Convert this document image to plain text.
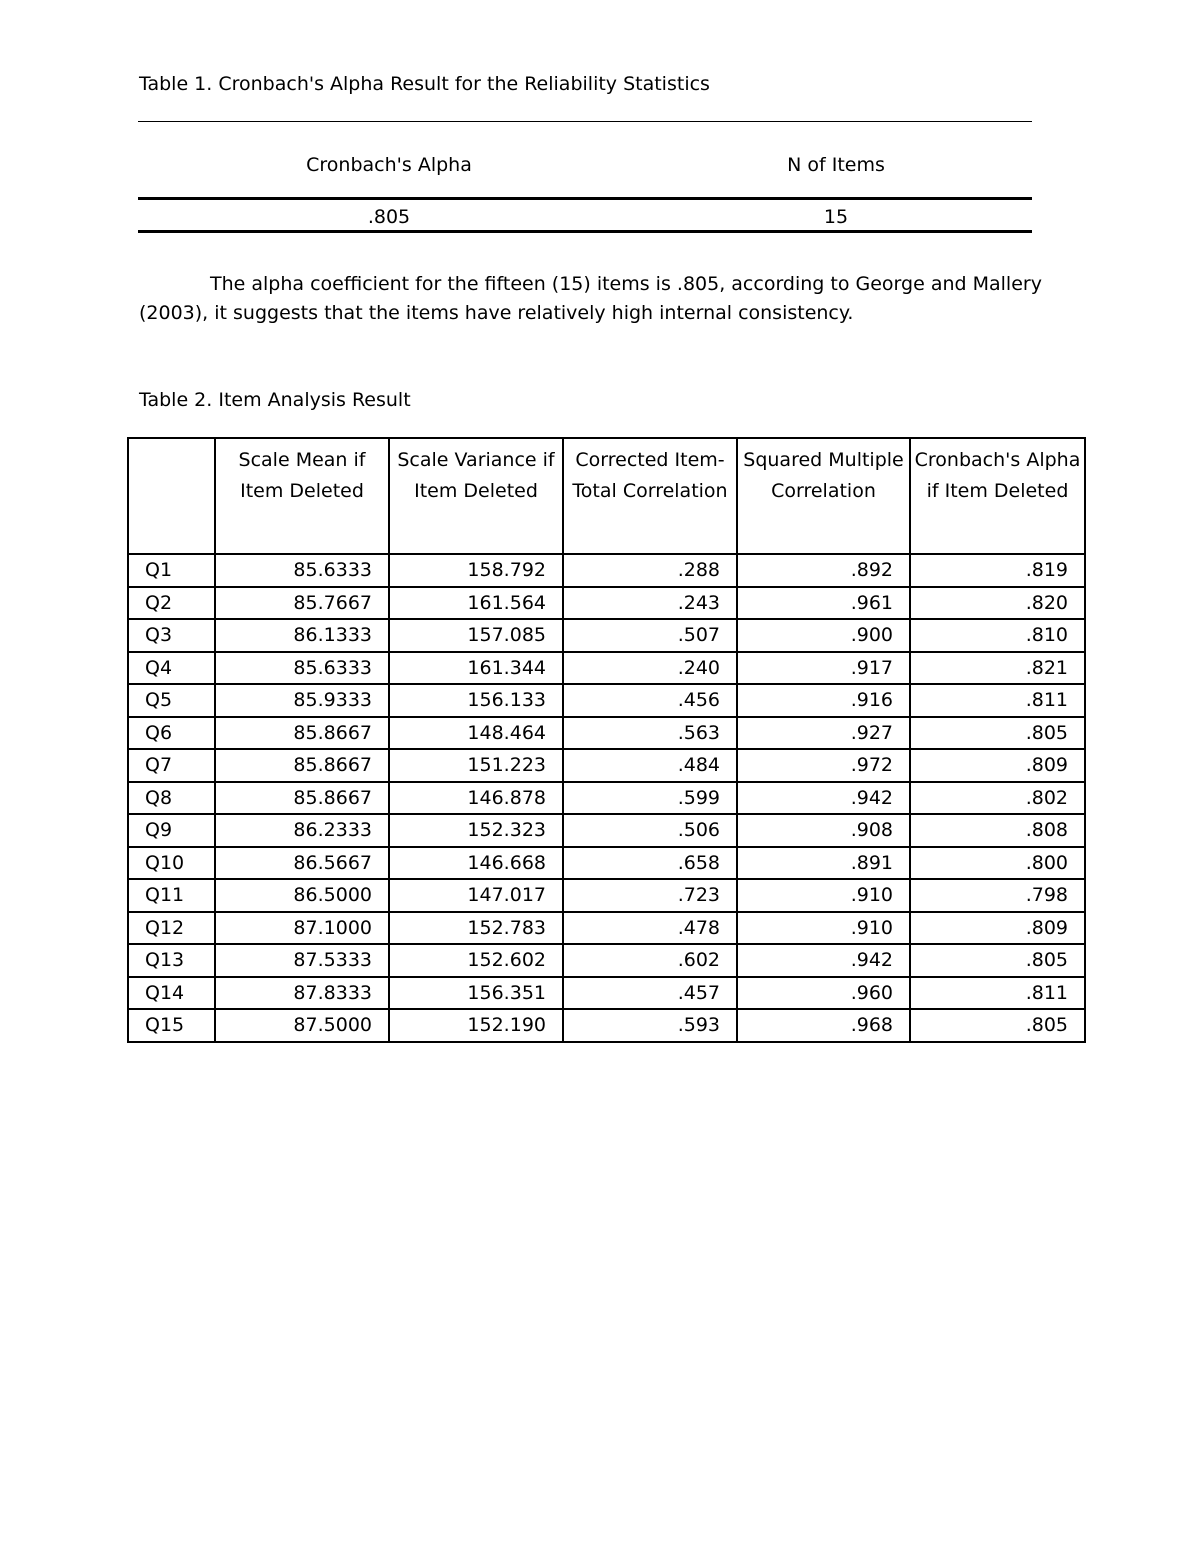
Table 1. Cronbach's Alpha Result for the Reliability Statistics
Cronbach's Alpha	N of Items
.805	15

The alpha coefficient for the fifteen (15) items is .805, according to George and Mallery (2003), it suggests that the items have relatively high internal consistency.

Table 2. Item Analysis Result
	Scale Mean if Item Deleted	Scale Variance if Item Deleted	Corrected Item-Total Correlation	Squared Multiple Correlation	Cronbach's Alpha if Item Deleted
Q1	85.6333	158.792	.288	.892	.819
Q2	85.7667	161.564	.243	.961	.820
Q3	86.1333	157.085	.507	.900	.810
Q4	85.6333	161.344	.240	.917	.821
Q5	85.9333	156.133	.456	.916	.811
Q6	85.8667	148.464	.563	.927	.805
Q7	85.8667	151.223	.484	.972	.809
Q8	85.8667	146.878	.599	.942	.802
Q9	86.2333	152.323	.506	.908	.808
Q10	86.5667	146.668	.658	.891	.800
Q11	86.5000	147.017	.723	.910	.798
Q12	87.1000	152.783	.478	.910	.809
Q13	87.5333	152.602	.602	.942	.805
Q14	87.8333	156.351	.457	.960	.811
Q15	87.5000	152.190	.593	.968	.805
